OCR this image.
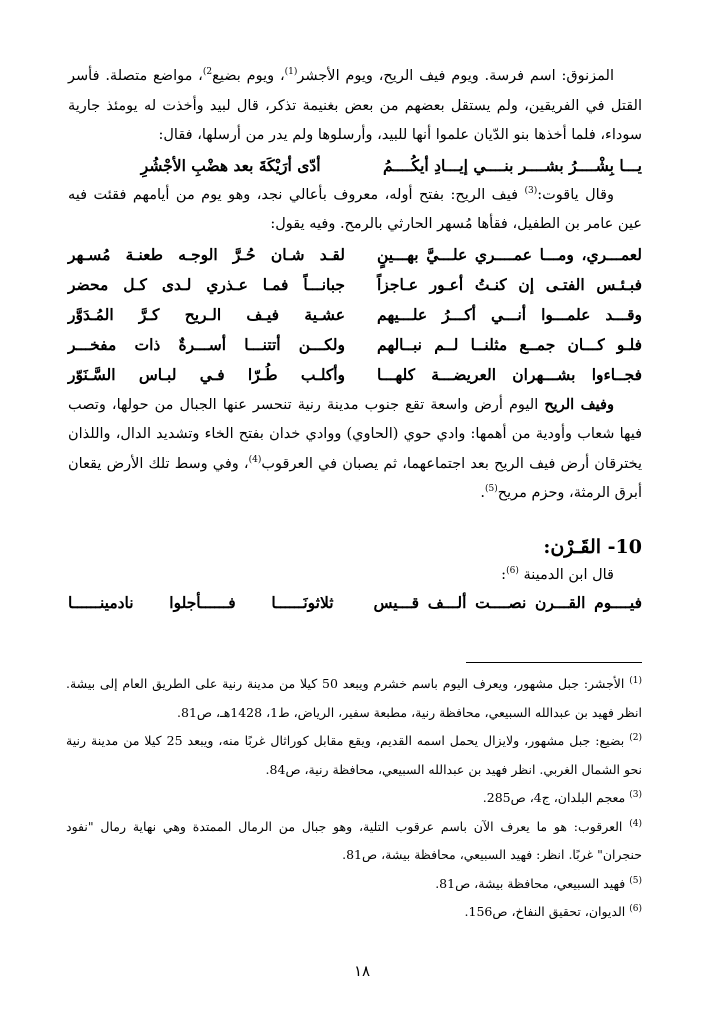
المزنوق: اسم فرسة. ويوم فيف الريح، ويوم الأجشر$^{(1)}$، ويوم بضيع$^{2)}$، مواضع متصلة. فأسر القتل في الفريقين، ولم يستقل بعضهم من بعض بغنيمة تذكر، قال لبيد وأخذت له يومئذ جارية سوداء، فلما أخذها بنو الدّيان علموا أنها للبيد، وأرسلوها ولم يدر من أرسلها، فقال:

يـــا بِشْــــرُ بشــــر بنــــي إيـــادِ أيكُــــمُ
أدّى أرَيْكَةَ بعد هضْبِ الأجْشُرِ

وقال ياقوت:$^{(3)}$ فيف الريح: بفتح أوله، معروف بأعالي نجد، وهو يوم من أيامهم فقئت فيه عين عامر بن الطفيل، فقأها مُسهر الحارثي بالرمح. وفيه يقول:

لعمـــري، ومـــا عمــــري علـــيَّ بهـــينٍ
لقـد شـان حُـرَّ الوجـه طعنـة مُسـهر
فبـئـس الفتـى إن كنـتُ أعـور عـاجزاً
جبانـــاً فمـا عـذري لـدى كـل محضر
وقـــد علمـــوا أنـــي أكـــرُ علـــيهم
عشـية فيـف الـريح كـرَّ المُـدَوَّر
فلـو كـــان جمــع مثلنــا لــم نبــالهم
ولكـــن أتتنـــا أســـرةٌ ذات مفخـــر
فجــاءوا بشـــهران العريضـــة كلهـــا
وأكلـب طُـرّا فـي لبـاس السَّـنَوّر

وفيف الريح اليوم أرض واسعة تقع جنوب مدينة رنية تنحسر عنها الجبال من حولها، وتصب فيها شعاب وأودية من أهمها: وادي حوي (الحاوي) ووادي خدان بفتح الخاء وتشديد الدال، واللذان يخترقان أرض فيف الريح بعد اجتماعهما، ثم يصبان في العرقوب$^{(4)}$، وفي وسط تلك الأرض يقعان أبرق الرمثة، وحزم مريح$^{(5)}$.

10- القَـرْن:
قال ابن الدمينة $^{(6)}$:
فيــــوم القـــرن نصــــت ألـــف قـــيس
ثلاثونَــــــا فــــــأجلوا نادمينــــــا

$^{(1)}$ الأجشر: جبل مشهور، ويعرف اليوم باسم خشرم ويبعد 50 كيلا من مدينة رنية على الطريق العام إلى بيشة. انظر فهيد بن عبدالله السبيعي، محافظة رنية، مطبعة سفير، الرياض، ط1، 1428هـ، ص81.

$^{(2)}$ بضيع: جبل مشهور، ولايزال يحمل اسمه القديم، ويقع مقابل كوراثال غربًا منه، ويبعد 25 كيلا من مدينة رنية نحو الشمال الغربي. انظر فهيد بن عبدالله السبيعي، محافظة رنية، ص84.

$^{(3)}$ معجم البلدان، ج4، ص285.

$^{(4)}$ العرقوب: هو ما يعرف الآن باسم عرقوب التلية، وهو جبال من الرمال الممتدة وهي نهاية رمال "نفود حنجران" غربًا. انظر: فهيد السبيعي، محافظة بيشة، ص81.

$^{(5)}$ فهيد السبيعي، محافظة بيشة، ص81.

$^{(6)}$ الديوان، تحقيق النفاخ، ص156.

١٨
